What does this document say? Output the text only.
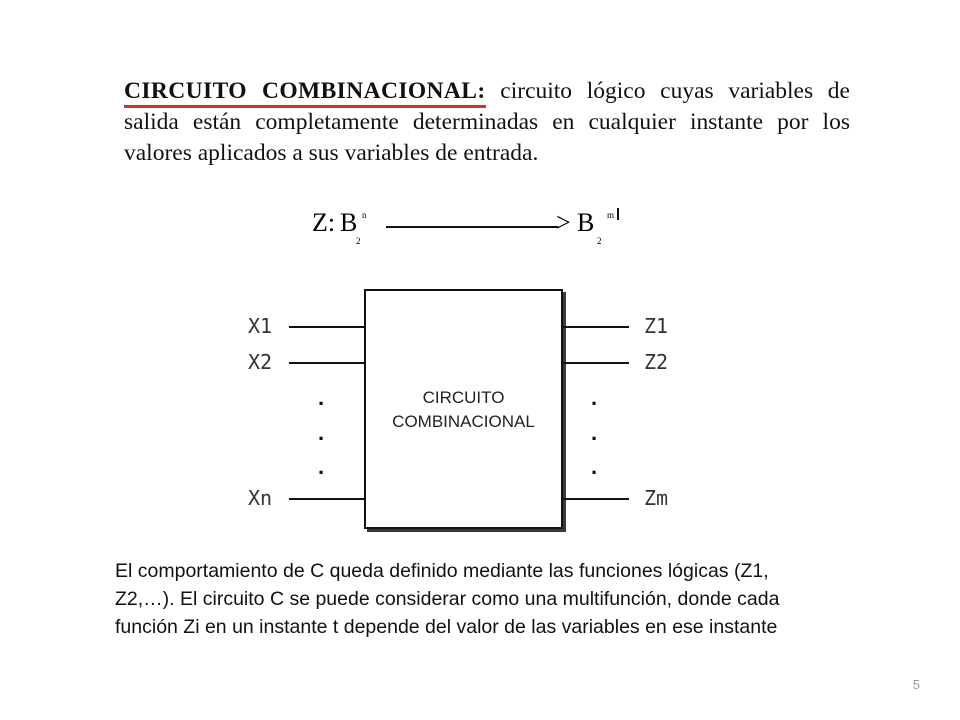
CIRCUITO COMBINACIONAL: circuito lógico cuyas variables de salida están completamente determinadas en cualquier instante por los valores aplicados a sus variables de entrada.
Z: B
2
n	> B
2
m
CIRCUITO
COMBINACIONAL
X1
X2
Xn
.
.
.
Z1
Z2
Zm
.
.
.
El comportamiento de C queda definido mediante las funciones lógicas (Z1, Z2,…). El circuito C se puede considerar como una multifunción, donde cada función Zi en un instante t depende del valor de las variables en ese instante
5
